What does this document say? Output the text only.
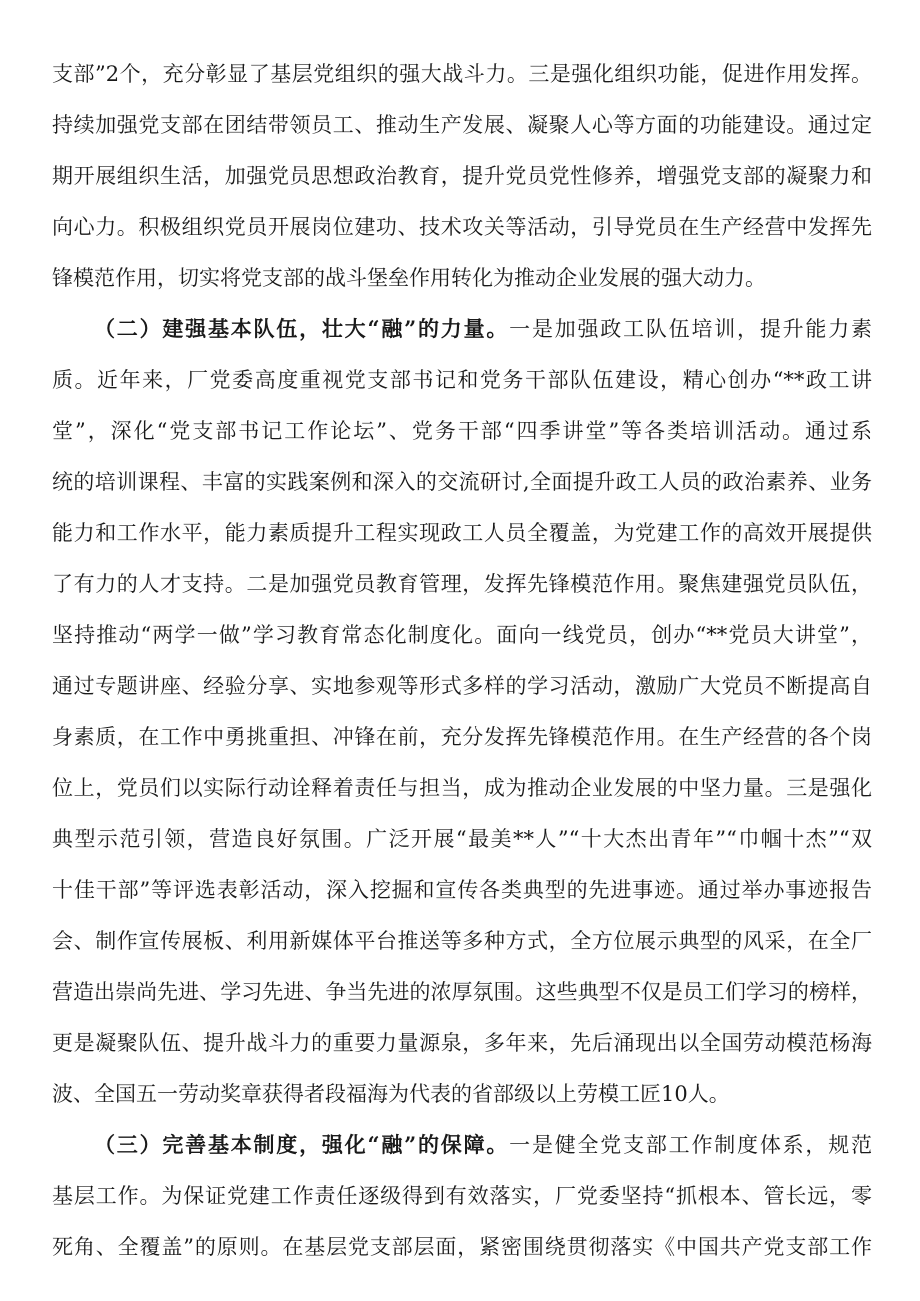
支部”2个，充分彰显了基层党组织的强大战斗力。三是强化组织功能，促进作用发挥。
持续加强党支部在团结带领员工、推动生产发展、凝聚人心等方面的功能建设。通过定
期开展组织生活，加强党员思想政治教育，提升党员党性修养，增强党支部的凝聚力和
向心力。积极组织党员开展岗位建功、技术攻关等活动，引导党员在生产经营中发挥先
锋模范作用，切实将党支部的战斗堡垒作用转化为推动企业发展的强大动力。
（二）建强基本队伍，壮大“融”的力量。一是加强政工队伍培训，提升能力素
质。近年来，厂党委高度重视党支部书记和党务干部队伍建设，精心创办“**政工讲
堂”，深化“党支部书记工作论坛”、党务干部“四季讲堂”等各类培训活动。通过系
统的培训课程、丰富的实践案例和深入的交流研讨,全面提升政工人员的政治素养、业务
能力和工作水平，能力素质提升工程实现政工人员全覆盖，为党建工作的高效开展提供
了有力的人才支持。二是加强党员教育管理，发挥先锋模范作用。聚焦建强党员队伍，
坚持推动“两学一做”学习教育常态化制度化。面向一线党员，创办“**党员大讲堂”，
通过专题讲座、经验分享、实地参观等形式多样的学习活动，激励广大党员不断提高自
身素质，在工作中勇挑重担、冲锋在前，充分发挥先锋模范作用。在生产经营的各个岗
位上，党员们以实际行动诠释着责任与担当，成为推动企业发展的中坚力量。三是强化
典型示范引领，营造良好氛围。广泛开展“最美**人”“十大杰出青年”“巾帼十杰”“双
十佳干部”等评选表彰活动，深入挖掘和宣传各类典型的先进事迹。通过举办事迹报告
会、制作宣传展板、利用新媒体平台推送等多种方式，全方位展示典型的风采，在全厂
营造出崇尚先进、学习先进、争当先进的浓厚氛围。这些典型不仅是员工们学习的榜样，
更是凝聚队伍、提升战斗力的重要力量源泉，多年来，先后涌现出以全国劳动模范杨海
波、全国五一劳动奖章获得者段福海为代表的省部级以上劳模工匠10人。
（三）完善基本制度，强化“融”的保障。一是健全党支部工作制度体系，规范
基层工作。为保证党建工作责任逐级得到有效落实，厂党委坚持“抓根本、管长远，零
死角、全覆盖”的原则。在基层党支部层面，紧密围绕贯彻落实《中国共产党支部工作
